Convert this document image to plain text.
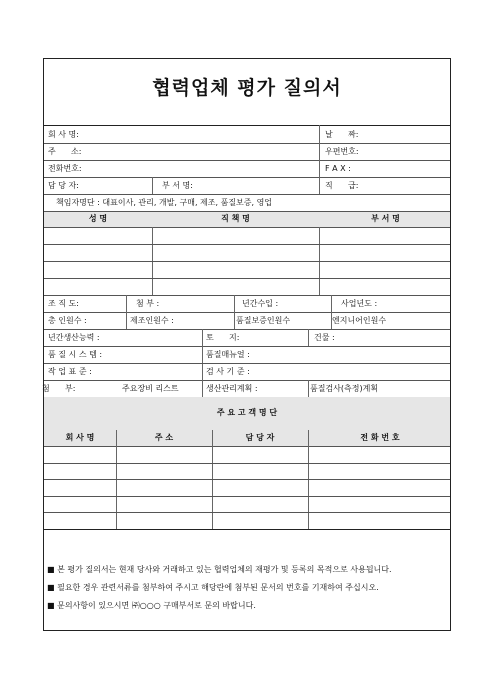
협력업체 평가 질의서
회 사 명:	날      짜:
주      소:	우편번호:
전화번호:	F A X :
담 당 자:	부 서 명:	직      급:
책임자명단 : 대표이사, 관리, 개발, 구매, 제조, 품질보증, 영업
성 명	직 책 명	부 서 명
조 직 도:	첨 부 :	년간수입 :	사업년도 :
총 인원수 :	제조인원수 :	품질보증인원수	엔지니어인원수
년간생산능력 :	토      지:	건물 :
품 질 시 스 템 :	품질매뉴얼 :
작 업 표 준 :	검 사 기 준 :
첨      부:	주요장비 리스트	생산관리계획 :	품질검사(측정)계획
주 요 고 객 명 단
회 사 명	주 소	담 당 자	전 화 번 호
■ 본 평가 질의서는 현재 당사와 거래하고 있는 협력업체의 재평가 및 등록의 목적으로 사용됩니다.
■ 필요한 경우 관련서류를 첨부하여 주시고 해당란에 첨부된 문서의 번호를 기재하여 주십시오.
■ 문의사항이 있으시면 ㈜○○○ 구매부서로 문의 바랍니다.
